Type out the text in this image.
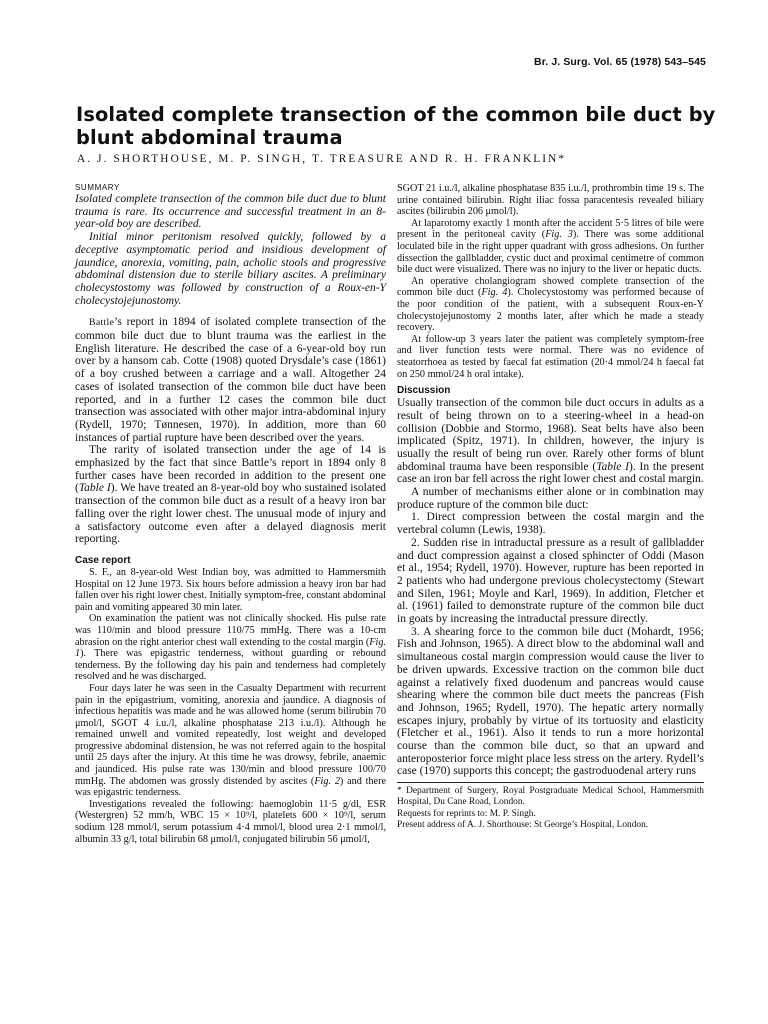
Br. J. Surg. Vol. 65 (1978) 543–545
Isolated complete transection of the common bile duct by blunt abdominal trauma
A. J. SHORTHOUSE, M. P. SINGH, T. TREASURE AND R. H. FRANKLIN*
SUMMARY

Isolated complete transection of the common bile duct due to blunt trauma is rare. Its occurrence and successful treatment in an 8-year-old boy are described.

Initial minor peritonism resolved quickly, followed by a deceptive asymptomatic period and insidious development of jaundice, anorexia, vomiting, pain, acholic stools and progressive abdominal distension due to sterile biliary ascites. A preliminary cholecystostomy was followed by construction of a Roux-en-Y cholecystojejunostomy.

Battle’s report in 1894 of isolated complete transection of the common bile duct due to blunt trauma was the earliest in the English literature. He described the case of a 6-year-old boy run over by a hansom cab. Cotte (1908) quoted Drysdale’s case (1861) of a boy crushed between a carriage and a wall. Altogether 24 cases of isolated transection of the common bile duct have been reported, and in a further 12 cases the common bile duct transection was associated with other major intra-abdominal injury (Rydell, 1970; Tønnesen, 1970). In addition, more than 60 instances of partial rupture have been described over the years.

The rarity of isolated transection under the age of 14 is emphasized by the fact that since Battle’s report in 1894 only 8 further cases have been recorded in addition to the present one (Table I). We have treated an 8-year-old boy who sustained isolated transection of the common bile duct as a result of a heavy iron bar falling over the right lower chest. The unusual mode of injury and a satisfactory outcome even after a delayed diagnosis merit reporting.

Case report

S. F., an 8-year-old West Indian boy, was admitted to Hammersmith Hospital on 12 June 1973. Six hours before admission a heavy iron bar had fallen over his right lower chest. Initially symptom-free, constant abdominal pain and vomiting appeared 30 min later.

On examination the patient was not clinically shocked. His pulse rate was 110/min and blood pressure 110/75 mmHg. There was a 10-cm abrasion on the right anterior chest wall extending to the costal margin (Fig. 1). There was epigastric tenderness, without guarding or rebound tenderness. By the following day his pain and tenderness had completely resolved and he was discharged.

Four days later he was seen in the Casualty Department with recurrent pain in the epigastrium, vomiting, anorexia and jaundice. A diagnosis of infectious hepatitis was made and he was allowed home (serum bilirubin 70 μmol/l, SGOT 4 i.u./l, alkaline phosphatase 213 i.u./l). Although he remained unwell and vomited repeatedly, lost weight and developed progressive abdominal distension, he was not referred again to the hospital until 25 days after the injury. At this time he was drowsy, febrile, anaemic and jaundiced. His pulse rate was 130/min and blood pressure 100/70 mmHg. The abdomen was grossly distended by ascites (Fig. 2) and there was epigastric tenderness.

Investigations revealed the following: haemoglobin 11·5 g/dl, ESR (Westergren) 52 mm/h, WBC 15 × 10⁹/l, platelets 600 × 10⁹/l, serum sodium 128 mmol/l, serum potassium 4·4 mmol/l, blood urea 2·1 mmol/l, albumin 33 g/l, total bilirubin 68 μmol/l, conjugated bilirubin 56 μmol/l,

SGOT 21 i.u./l, alkaline phosphatase 835 i.u./l, prothrombin time 19 s. The urine contained bilirubin. Right iliac fossa paracentesis revealed biliary ascites (bilirubin 206 μmol/l).

At laparotomy exactly 1 month after the accident 5·5 litres of bile were present in the peritoneal cavity (Fig. 3). There was some additional loculated bile in the right upper quadrant with gross adhesions. On further dissection the gallbladder, cystic duct and proximal centimetre of common bile duct were visualized. There was no injury to the liver or hepatic ducts.

An operative cholangiogram showed complete transection of the common bile duct (Fig. 4). Cholecystostomy was performed because of the poor condition of the patient, with a subsequent Roux-en-Y cholecystojejunostomy 2 months later, after which he made a steady recovery.

At follow-up 3 years later the patient was completely symptom-free and liver function tests were normal. There was no evidence of steatorrhoea as tested by faecal fat estimation (20·4 mmol/24 h faecal fat on 250 mmol/24 h oral intake).

Discussion

Usually transection of the common bile duct occurs in adults as a result of being thrown on to a steering-wheel in a head-on collision (Dobbie and Stormo, 1968). Seat belts have also been implicated (Spitz, 1971). In children, however, the injury is usually the result of being run over. Rarely other forms of blunt abdominal trauma have been responsible (Table I). In the present case an iron bar fell across the right lower chest and costal margin.

A number of mechanisms either alone or in combination may produce rupture of the common bile duct:

1. Direct compression between the costal margin and the vertebral column (Lewis, 1938).

2. Sudden rise in intraductal pressure as a result of gallbladder and duct compression against a closed sphincter of Oddi (Mason et al., 1954; Rydell, 1970). However, rupture has been reported in 2 patients who had undergone previous cholecystectomy (Stewart and Silen, 1961; Moyle and Karl, 1969). In addition, Fletcher et al. (1961) failed to demonstrate rupture of the common bile duct in goats by increasing the intraductal pressure directly.

3. A shearing force to the common bile duct (Mohardt, 1956; Fish and Johnson, 1965). A direct blow to the abdominal wall and simultaneous costal margin compression would cause the liver to be driven upwards. Excessive traction on the common bile duct against a relatively fixed duodenum and pancreas would cause shearing where the common bile duct meets the pancreas (Fish and Johnson, 1965; Rydell, 1970). The hepatic artery normally escapes injury, probably by virtue of its tortuosity and elasticity (Fletcher et al., 1961). Also it tends to run a more horizontal course than the common bile duct, so that an upward and anteroposterior force might place less stress on the artery. Rydell’s case (1970) supports this concept; the gastroduodenal artery runs

* Department of Surgery, Royal Postgraduate Medical School, Hammersmith Hospital, Du Cane Road, London.

Requests for reprints to: M. P. Singh.

Present address of A. J. Shorthouse: St George’s Hospital, London.
